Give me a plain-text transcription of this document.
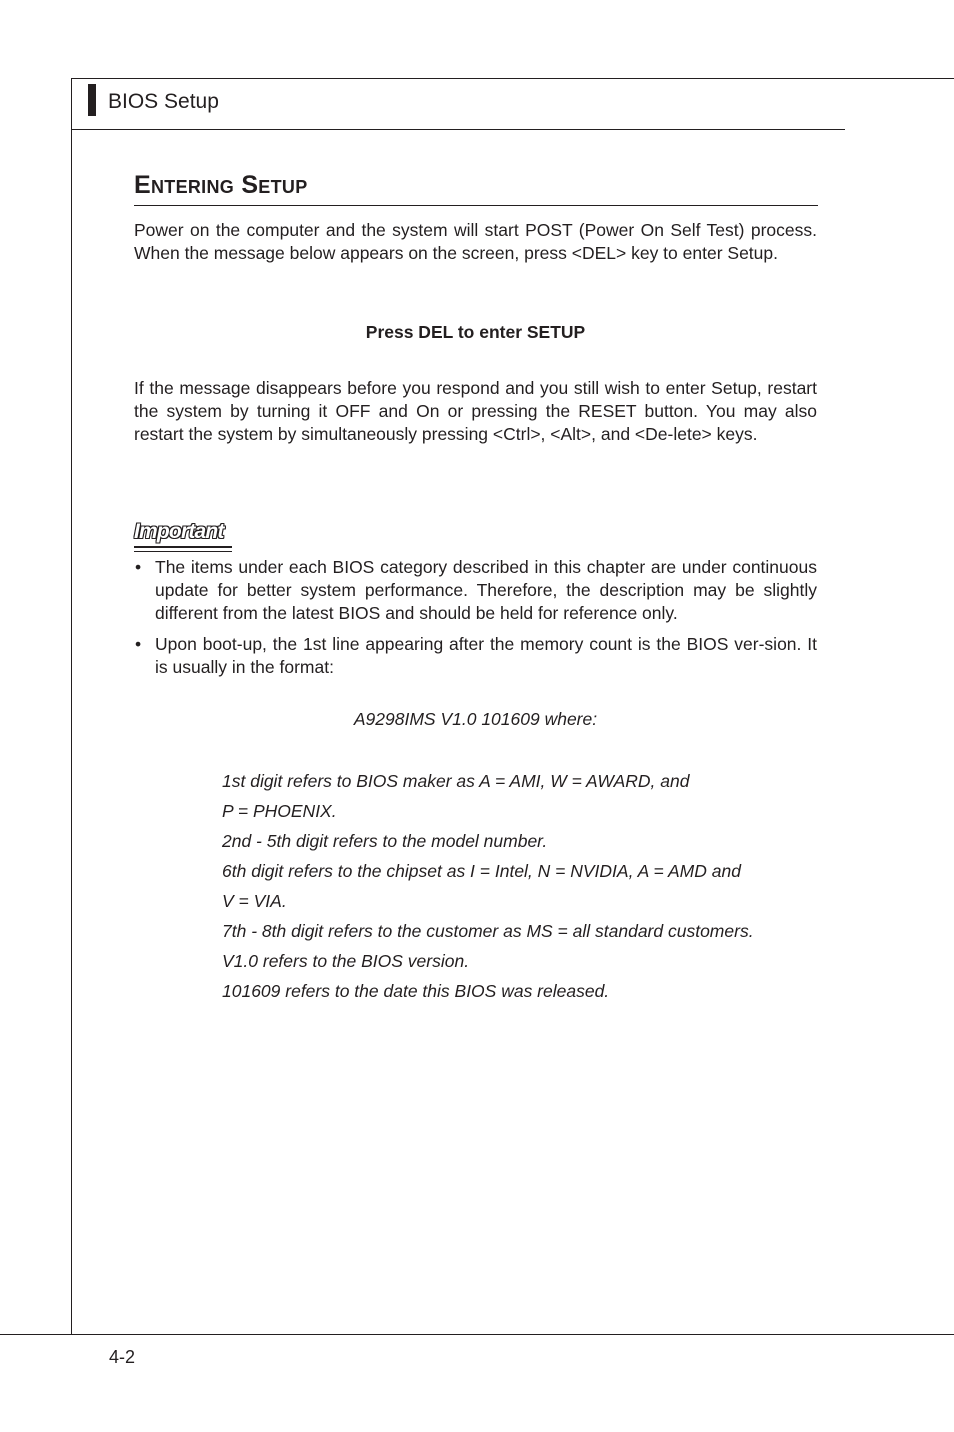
BIOS Setup
Entering Setup

Power on the computer and the system will start POST (Power On Self Test) process. When the message below appears on the screen, press <DEL> key to enter Setup.

Press DEL to enter SETUP

If the message disappears before you respond and you still wish to enter Setup, restart the system by turning it OFF and On or pressing the RESET button. You may also restart the system by simultaneously pressing <Ctrl>, <Alt>, and <De-lete> keys.

Important
• The items under each BIOS category described in this chapter are under continuous update for better system performance. Therefore, the description may be slightly different from the latest BIOS and should be held for reference only.
• Upon boot-up, the 1st line appearing after the memory count is the BIOS ver-sion. It is usually in the format:
A9298IMS V1.0 101609 where:
1st digit refers to BIOS maker as A = AMI, W = AWARD, and
P = PHOENIX.
2nd - 5th digit refers to the model number.
6th digit refers to the chipset as I = Intel, N = NVIDIA, A = AMD and
V = VIA.
7th - 8th digit refers to the customer as MS = all standard customers.
V1.0 refers to the BIOS version.
101609 refers to the date this BIOS was released.
4-2
